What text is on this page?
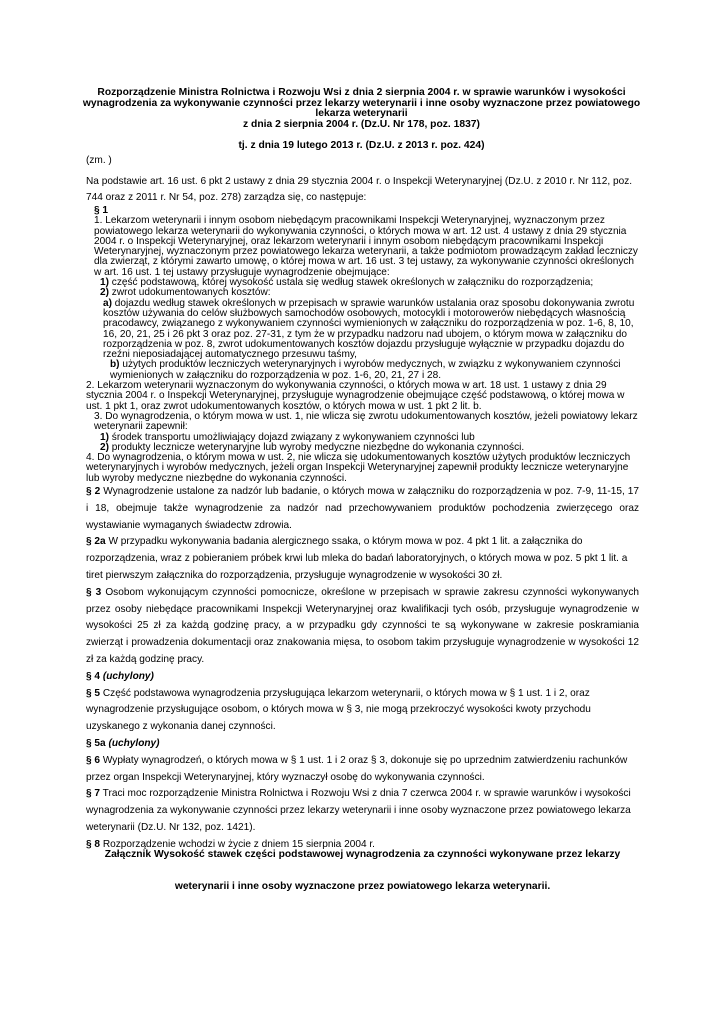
Rozporządzenie Ministra Rolnictwa i Rozwoju Wsi z dnia 2 sierpnia 2004 r. w sprawie warunków i wysokości
wynagrodzenia za wykonywanie czynności przez lekarzy weterynarii i inne osoby wyznaczone przez powiatowego
lekarza weterynarii
z dnia 2 sierpnia 2004 r. (Dz.U. Nr 178, poz. 1837)
tj. z dnia 19 lutego 2013 r. (Dz.U. z 2013 r. poz. 424)

(zm. )

Na podstawie art. 16 ust. 6 pkt 2 ustawy z dnia 29 stycznia 2004 r. o Inspekcji Weterynaryjnej (Dz.U. z 2010 r. Nr 112, poz. 744 oraz z 2011 r. Nr 54, poz. 278) zarządza się, co następuje:

§ 1

1. Lekarzom weterynarii i innym osobom niebędącym pracownikami Inspekcji Weterynaryjnej, wyznaczonym przez powiatowego lekarza weterynarii do wykonywania czynności, o których mowa w art. 12 ust. 4 ustawy z dnia 29 stycznia 2004 r. o Inspekcji Weterynaryjnej, oraz lekarzom weterynarii i innym osobom niebędącym pracownikami Inspekcji Weterynaryjnej, wyznaczonym przez powiatowego lekarza weterynarii, a także podmiotom prowadzącym zakład leczniczy dla zwierząt, z którymi zawarto umowę, o której mowa w art. 16 ust. 3 tej ustawy, za wykonywanie czynności określonych w art. 16 ust. 1 tej ustawy przysługuje wynagrodzenie obejmujące:

1) część podstawową, której wysokość ustala się według stawek określonych w załączniku do rozporządzenia;

2) zwrot udokumentowanych kosztów:

a) dojazdu według stawek określonych w przepisach w sprawie warunków ustalania oraz sposobu dokonywania zwrotu kosztów używania do celów służbowych samochodów osobowych, motocykli i motorowerów niebędących własnością pracodawcy, związanego z wykonywaniem czynności wymienionych w załączniku do rozporządzenia w poz. 1-6, 8, 10, 16, 20, 21, 25 i 26 pkt 3 oraz poz. 27-31, z tym że w przypadku nadzoru nad ubojem, o którym mowa w załączniku do rozporządzenia w poz. 8, zwrot udokumentowanych kosztów dojazdu przysługuje wyłącznie w przypadku dojazdu do rzeźni nieposiadającej automatycznego przesuwu taśmy,

b) użytych produktów leczniczych weterynaryjnych i wyrobów medycznych, w związku z wykonywaniem czynności wymienionych w załączniku do rozporządzenia w poz. 1-6, 20, 21, 27 i 28.

2. Lekarzom weterynarii wyznaczonym do wykonywania czynności, o których mowa w art. 18 ust. 1 ustawy z dnia 29 stycznia 2004 r. o Inspekcji Weterynaryjnej, przysługuje wynagrodzenie obejmujące część podstawową, o której mowa w ust. 1 pkt 1, oraz zwrot udokumentowanych kosztów, o których mowa w ust. 1 pkt 2 lit. b.

3. Do wynagrodzenia, o którym mowa w ust. 1, nie wlicza się zwrotu udokumentowanych kosztów, jeżeli powiatowy lekarz weterynarii zapewnił:

1) środek transportu umożliwiający dojazd związany z wykonywaniem czynności lub

2) produkty lecznicze weterynaryjne lub wyroby medyczne niezbędne do wykonania czynności.

4. Do wynagrodzenia, o którym mowa w ust. 2, nie wlicza się udokumentowanych kosztów użytych produktów leczniczych weterynaryjnych i wyrobów medycznych, jeżeli organ Inspekcji Weterynaryjnej zapewnił produkty lecznicze weterynaryjne lub wyroby medyczne niezbędne do wykonania czynności.

§ 2 Wynagrodzenie ustalone za nadzór lub badanie, o których mowa w załączniku do rozporządzenia w poz. 7-9, 11-15, 17 i 18, obejmuje także wynagrodzenie za nadzór nad przechowywaniem produktów pochodzenia zwierzęcego oraz wystawianie wymaganych świadectw zdrowia.

§ 2a W przypadku wykonywania badania alergicznego ssaka, o którym mowa w poz. 4 pkt 1 lit. a załącznika do rozporządzenia, wraz z pobieraniem próbek krwi lub mleka do badań laboratoryjnych, o których mowa w poz. 5 pkt 1 lit. a tiret pierwszym załącznika do rozporządzenia, przysługuje wynagrodzenie w wysokości 30 zł.

§ 3 Osobom wykonującym czynności pomocnicze, określone w przepisach w sprawie zakresu czynności wykonywanych przez osoby niebędące pracownikami Inspekcji Weterynaryjnej oraz kwalifikacji tych osób, przysługuje wynagrodzenie w wysokości 25 zł za każdą godzinę pracy, a w przypadku gdy czynności te są wykonywane w zakresie poskramiania zwierząt i prowadzenia dokumentacji oraz znakowania mięsa, to osobom takim przysługuje wynagrodzenie w wysokości 12 zł za każdą godzinę pracy.

§ 4 (uchylony)

§ 5 Część podstawowa wynagrodzenia przysługująca lekarzom weterynarii, o których mowa w § 1 ust. 1 i 2, oraz wynagrodzenie przysługujące osobom, o których mowa w § 3, nie mogą przekroczyć wysokości kwoty przychodu uzyskanego z wykonania danej czynności.

§ 5a (uchylony)

§ 6 Wypłaty wynagrodzeń, o których mowa w § 1 ust. 1 i 2 oraz § 3, dokonuje się po uprzednim zatwierdzeniu rachunków przez organ Inspekcji Weterynaryjnej, który wyznaczył osobę do wykonywania czynności.

§ 7 Traci moc rozporządzenie Ministra Rolnictwa i Rozwoju Wsi z dnia 7 czerwca 2004 r. w sprawie warunków i wysokości wynagrodzenia za wykonywanie czynności przez lekarzy weterynarii i inne osoby wyznaczone przez powiatowego lekarza weterynarii (Dz.U. Nr 132, poz. 1421).

§ 8 Rozporządzenie wchodzi w życie z dniem 15 sierpnia 2004 r.

Załącznik Wysokość stawek części podstawowej wynagrodzenia za czynności wykonywane przez lekarzy
weterynarii i inne osoby wyznaczone przez powiatowego lekarza weterynarii.
